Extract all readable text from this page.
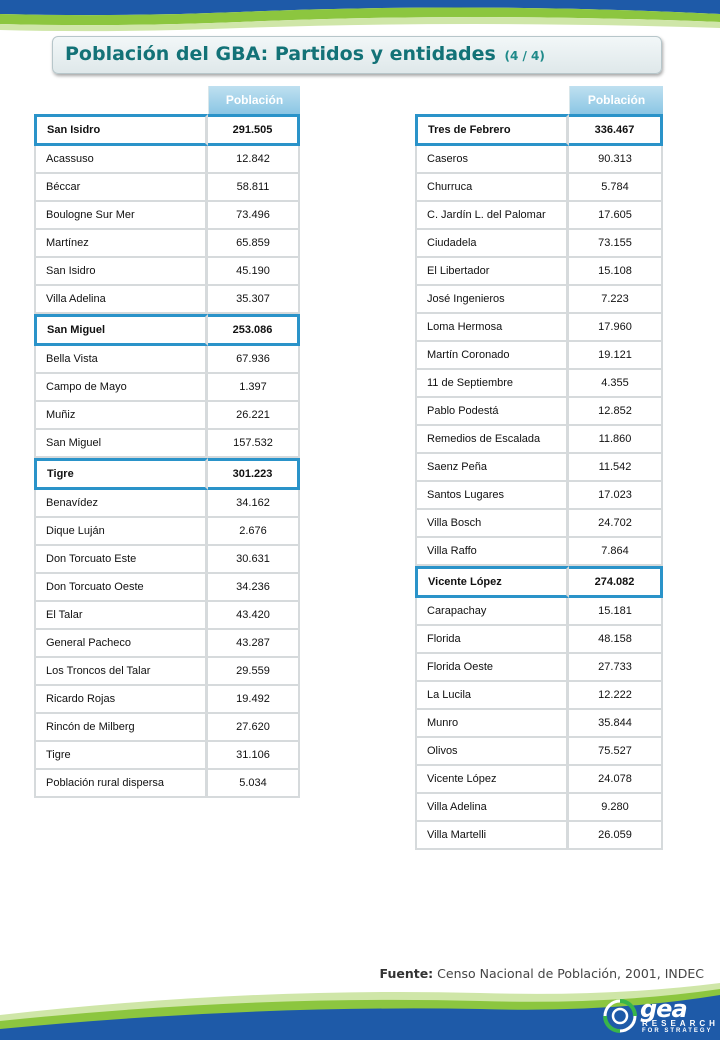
Población del GBA: Partidos y entidades (4 / 4)
	Población
San Isidro	291.505
Acassuso	12.842
Béccar	58.811
Boulogne Sur Mer	73.496
Martínez	65.859
San Isidro	45.190
Villa Adelina	35.307
San Miguel	253.086
Bella Vista	67.936
Campo de Mayo	1.397
Muñiz	26.221
San Miguel	157.532
Tigre	301.223
Benavídez	34.162
Dique Luján	2.676
Don Torcuato Este	30.631
Don Torcuato Oeste	34.236
El Talar	43.420
General Pacheco	43.287
Los Troncos del Talar	29.559
Ricardo Rojas	19.492
Rincón de Milberg	27.620
Tigre	31.106
Población rural dispersa	5.034
	Población
Tres de Febrero	336.467
Caseros	90.313
Churruca	5.784
C. Jardín L. del Palomar	17.605
Ciudadela	73.155
El Libertador	15.108
José Ingenieros	7.223
Loma Hermosa	17.960
Martín Coronado	19.121
11 de Septiembre	4.355
Pablo Podestá	12.852
Remedios de Escalada	11.860
Saenz Peña	11.542
Santos Lugares	17.023
Villa Bosch	24.702
Villa Raffo	7.864
Vicente López	274.082
Carapachay	15.181
Florida	48.158
Florida Oeste	27.733
La Lucila	12.222
Munro	35.844
Olivos	75.527
Vicente López	24.078
Villa Adelina	9.280
Villa Martelli	26.059

Fuente: Censo Nacional de Población, 2001, INDEC

gea
RESEARCH
FOR STRATEGY
